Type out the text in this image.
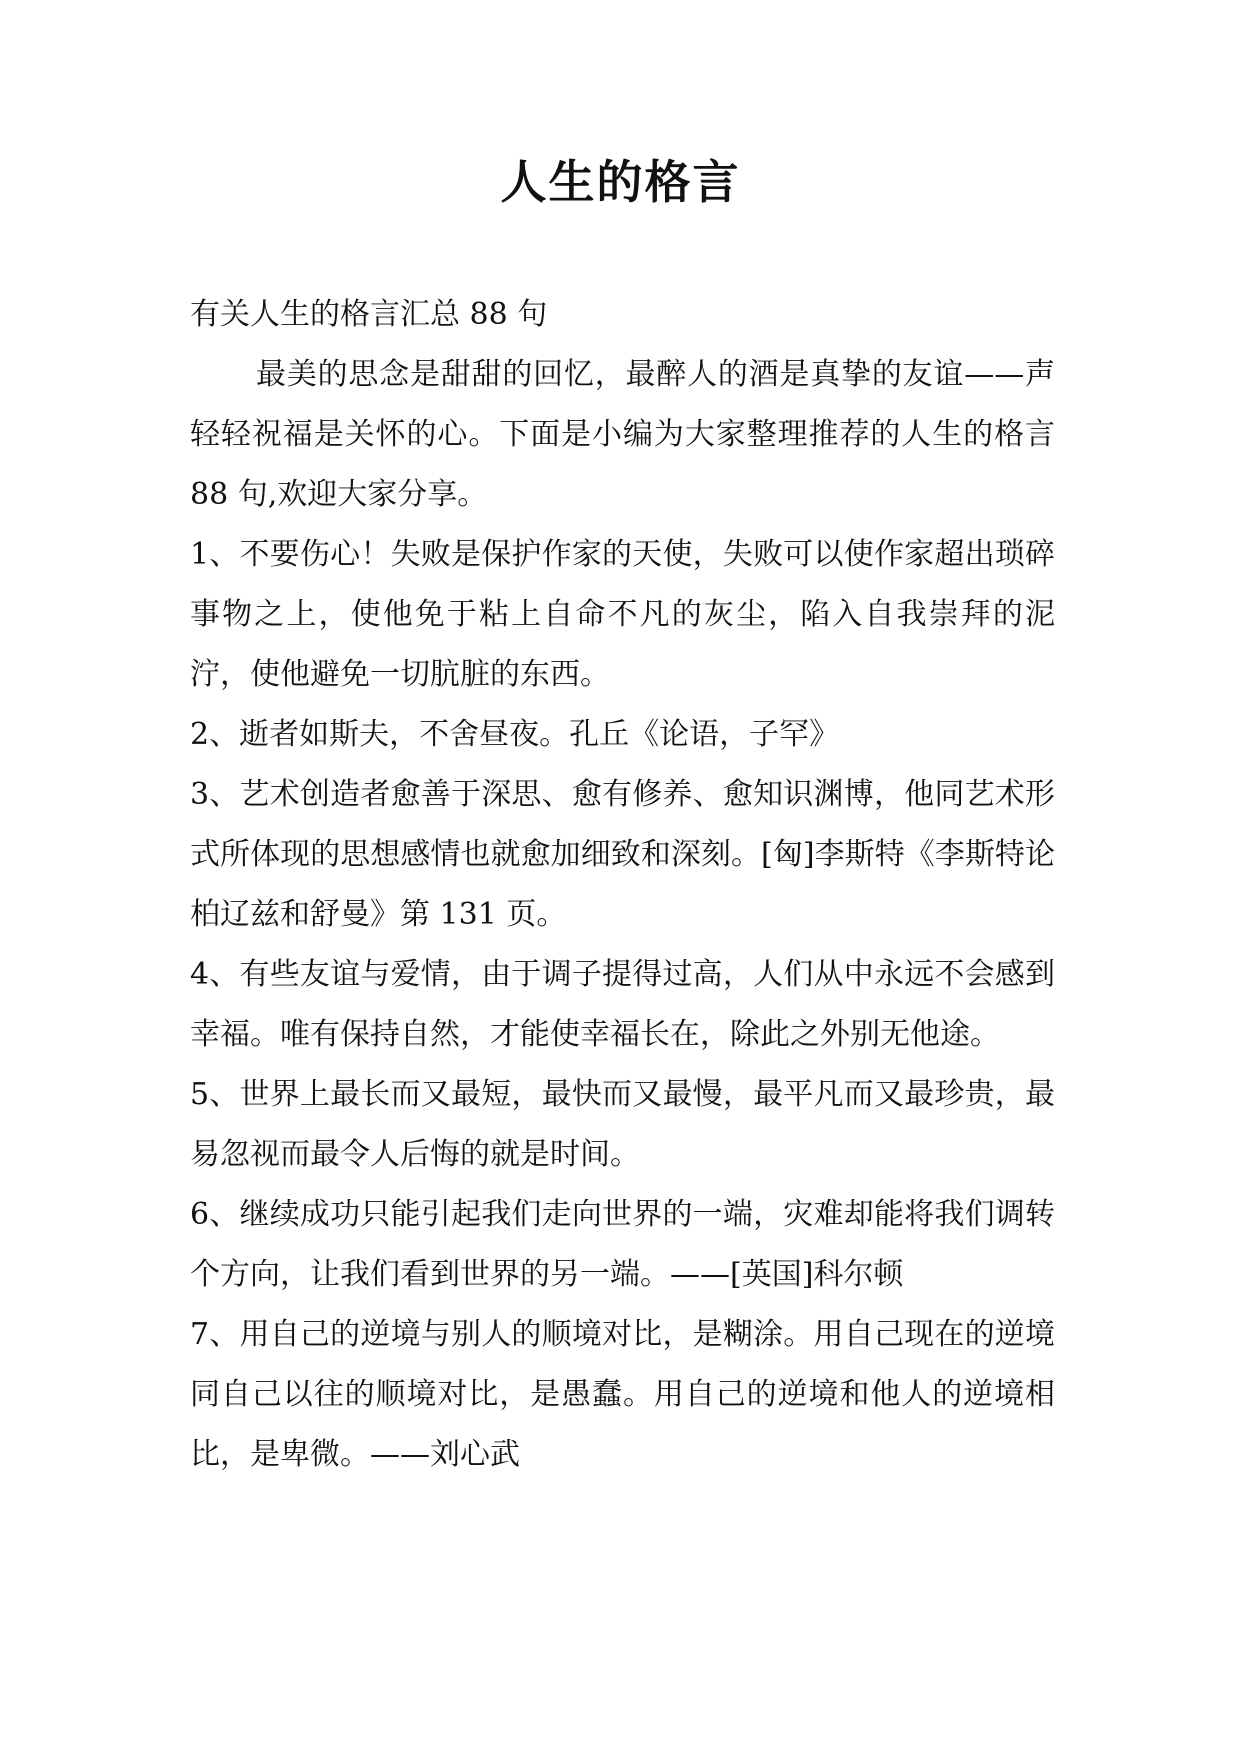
人生的格言

有关人生的格言汇总 88 句

最美的思念是甜甜的回忆，最醉人的酒是真挚的友谊——声轻轻祝福是关怀的心。下面是小编为大家整理推荐的人生的格言 88 句,欢迎大家分享。

1、不要伤心！失败是保护作家的天使，失败可以使作家超出琐碎事物之上，使他免于粘上自命不凡的灰尘，陷入自我崇拜的泥泞，使他避免一切肮脏的东西。

2、逝者如斯夫，不舍昼夜。孔丘《论语，子罕》

3、艺术创造者愈善于深思、愈有修养、愈知识渊博，他同艺术形式所体现的思想感情也就愈加细致和深刻。[匈]李斯特《李斯特论柏辽兹和舒曼》第 131 页。

4、有些友谊与爱情，由于调子提得过高，人们从中永远不会感到幸福。唯有保持自然，才能使幸福长在，除此之外别无他途。

5、世界上最长而又最短，最快而又最慢，最平凡而又最珍贵，最易忽视而最令人后悔的就是时间。

6、继续成功只能引起我们走向世界的一端，灾难却能将我们调转个方向，让我们看到世界的另一端。——[英国]科尔顿

7、用自己的逆境与别人的顺境对比，是糊涂。用自己现在的逆境同自己以往的顺境对比，是愚蠢。用自己的逆境和他人的逆境相比，是卑微。——刘心武
